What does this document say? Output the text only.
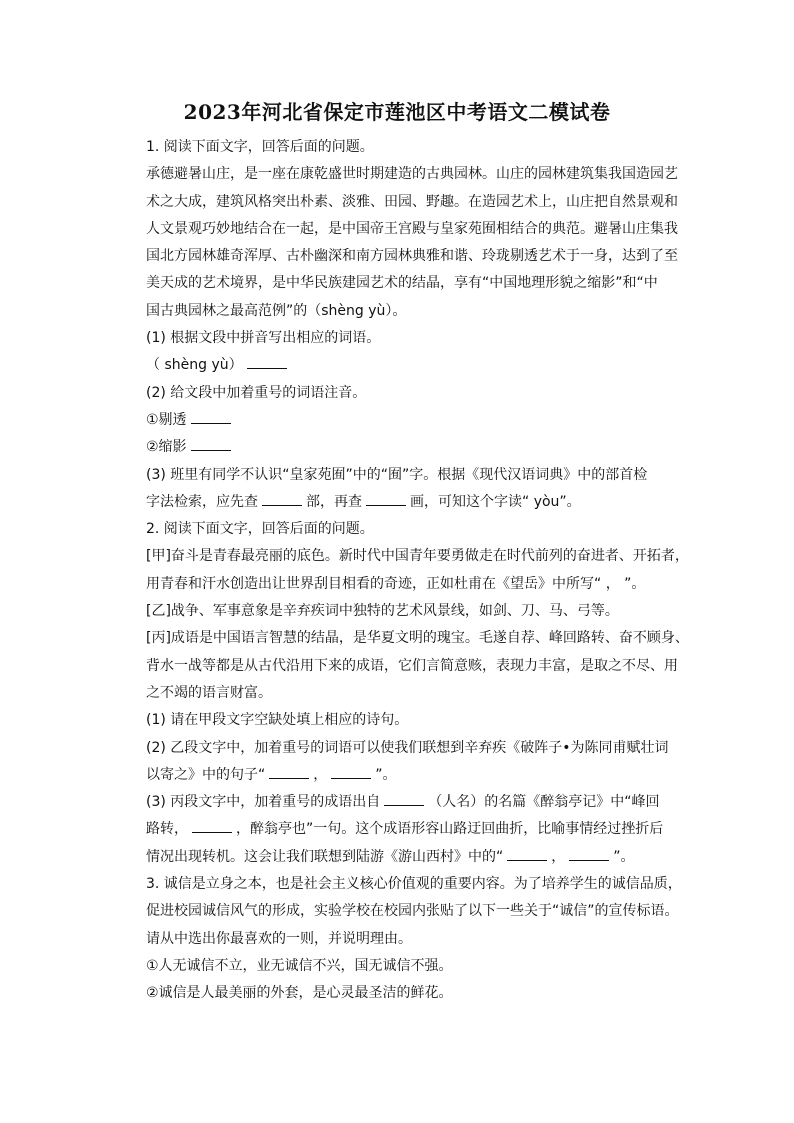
2023年河北省保定市莲池区中考语文二模试卷
1. 阅读下面文字，回答后面的问题。
承德避暑山庄，是一座在康乾盛世时期建造的古典园林。山庄的园林建筑集我国造园艺
术之大成，建筑风格突出朴素、淡雅、田园、野趣。在造园艺术上，山庄把自然景观和
人文景观巧妙地结合在一起，是中国帝王宫殿与皇家苑囿相结合的典范。避暑山庄集我
国北方园林雄奇浑厚、古朴幽深和南方园林典雅和谐、玲珑剔透艺术于一身，达到了至
美天成的艺术境界，是中华民族建园艺术的结晶，享有“中国地理形貌之缩影”和“中
国古典园林之最高范例”的（shèng yù）。
(1) 根据文段中拼音写出相应的词语。
（ shèng yù）
(2) 给文段中加着重号的词语注音。
①剔透
②缩影
(3) 班里有同学不认识“皇家苑囿”中的“囿”字。根据《现代汉语词典》中的部首检
字法检索，应先查	部，再查	画，可知这个字读“ yòu”。
2. 阅读下面文字，回答后面的问题。
[甲]奋斗是青春最亮丽的底色。新时代中国青年要勇做走在时代前列的奋进者、开拓者，
用青春和汗水创造出让世界刮目相看的奇迹，正如杜甫在《望岳》中所写“ ， ”。
[乙]战争、军事意象是辛弃疾词中独特的艺术风景线，如剑、刀、马、弓等。
[丙]成语是中国语言智慧的结晶，是华夏文明的瑰宝。毛遂自荐、峰回路转、奋不顾身、
背水一战等都是从古代沿用下来的成语，它们言简意赅，表现力丰富，是取之不尽、用
之不竭的语言财富。
(1) 请在甲段文字空缺处填上相应的诗句。
(2) 乙段文字中，加着重号的词语可以使我们联想到辛弃疾《破阵子•为陈同甫赋壮词
以寄之》中的句子“	，	”。
(3) 丙段文字中，加着重号的成语出自	（人名）的名篇《醉翁亭记》中“峰回
路转，	，醉翁亭也”一句。这个成语形容山路迂回曲折，比喻事情经过挫折后
情况出现转机。这会让我们联想到陆游《游山西村》中的“	，	”。
3. 诚信是立身之本，也是社会主义核心价值观的重要内容。为了培养学生的诚信品质，
促进校园诚信风气的形成，实验学校在校园内张贴了以下一些关于“诚信”的宣传标语。
请从中选出你最喜欢的一则，并说明理由。
①人无诚信不立，业无诚信不兴，国无诚信不强。
②诚信是人最美丽的外套，是心灵最圣洁的鲜花。
